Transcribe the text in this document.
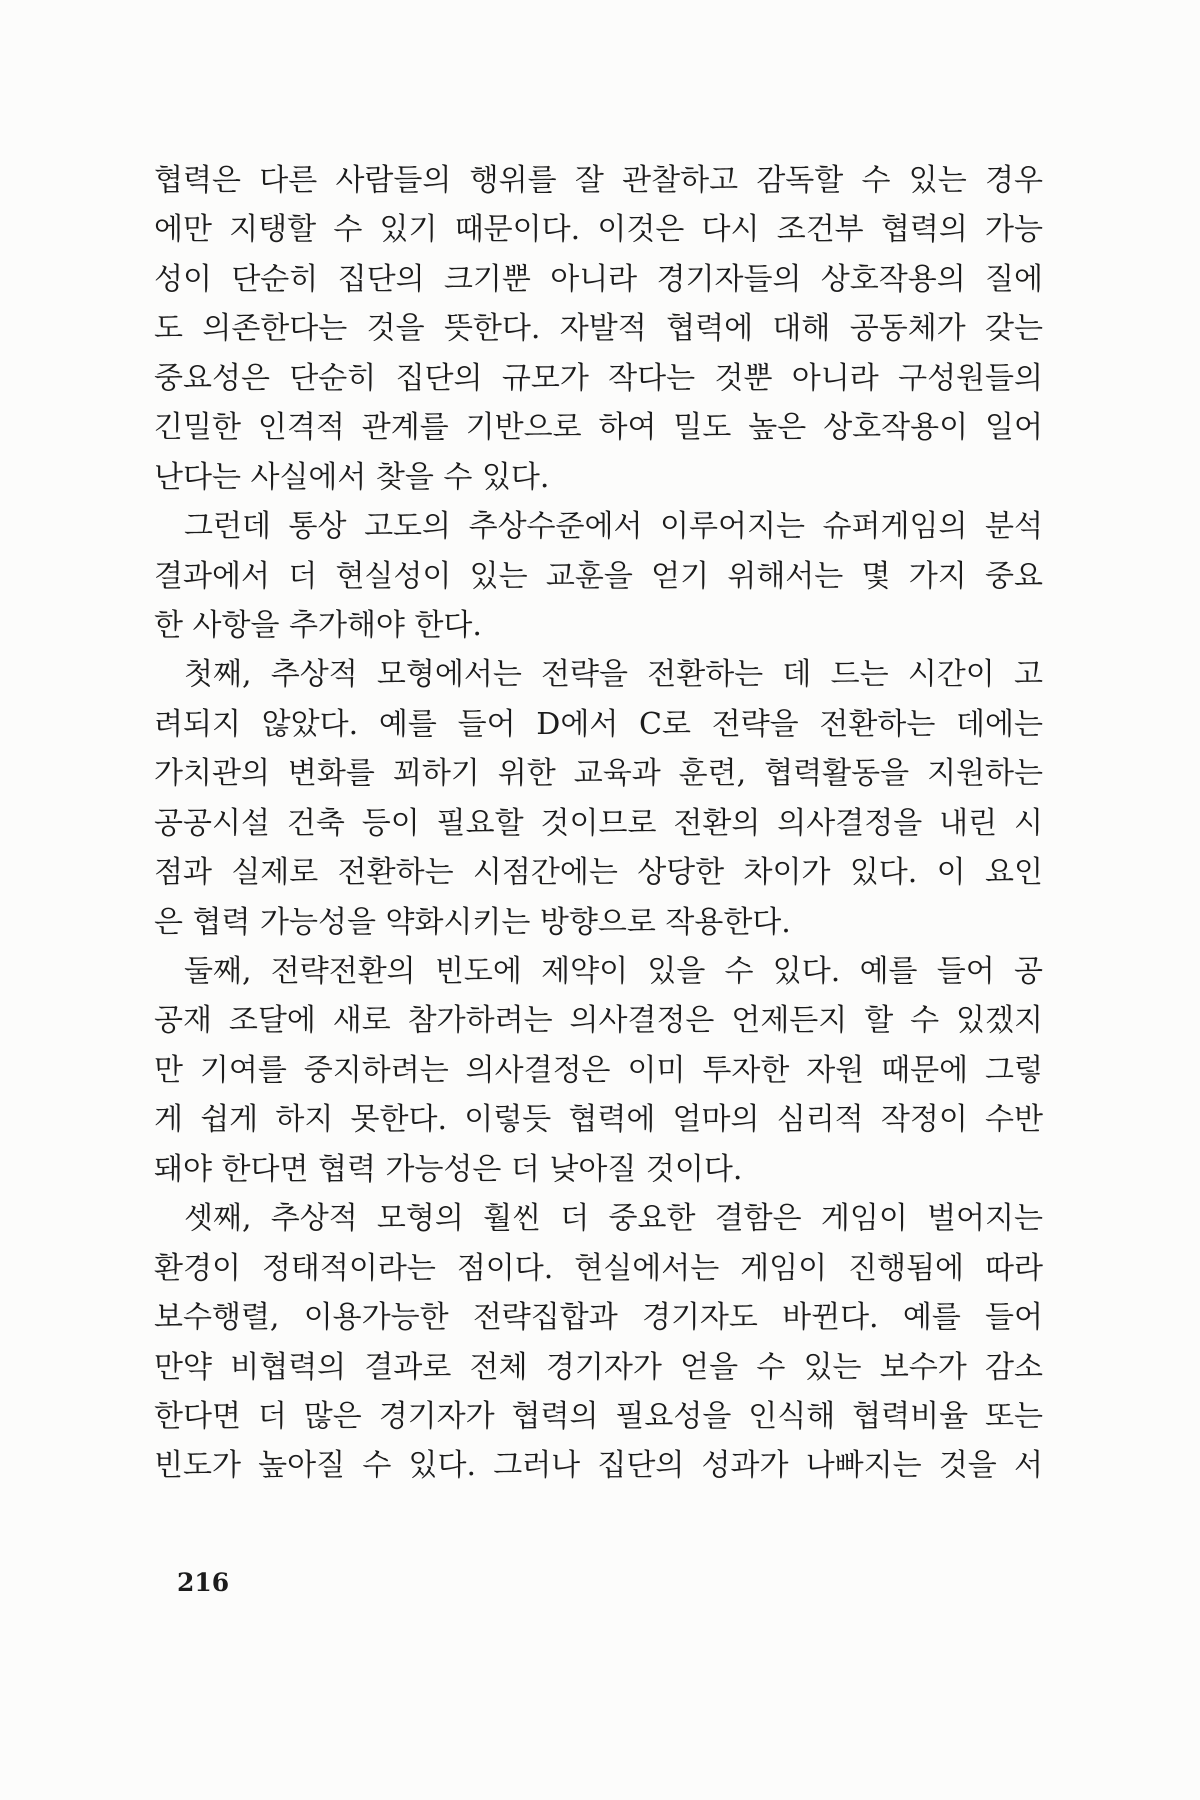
협력은 다른 사람들의 행위를 잘 관찰하고 감독할 수 있는 경우
에만 지탱할 수 있기 때문이다. 이것은 다시 조건부 협력의 가능
성이 단순히 집단의 크기뿐 아니라 경기자들의 상호작용의 질에
도 의존한다는 것을 뜻한다. 자발적 협력에 대해 공동체가 갖는
중요성은 단순히 집단의 규모가 작다는 것뿐 아니라 구성원들의
긴밀한 인격적 관계를 기반으로 하여 밀도 높은 상호작용이 일어
난다는 사실에서 찾을 수 있다.
그런데 통상 고도의 추상수준에서 이루어지는 슈퍼게임의 분석
결과에서 더 현실성이 있는 교훈을 얻기 위해서는 몇 가지 중요
한 사항을 추가해야 한다.
첫째, 추상적 모형에서는 전략을 전환하는 데 드는 시간이 고
려되지 않았다. 예를 들어 D에서 C로 전략을 전환하는 데에는
가치관의 변화를 꾀하기 위한 교육과 훈련, 협력활동을 지원하는
공공시설 건축 등이 필요할 것이므로 전환의 의사결정을 내린 시
점과 실제로 전환하는 시점간에는 상당한 차이가 있다. 이 요인
은 협력 가능성을 약화시키는 방향으로 작용한다.
둘째, 전략전환의 빈도에 제약이 있을 수 있다. 예를 들어 공
공재 조달에 새로 참가하려는 의사결정은 언제든지 할 수 있겠지
만 기여를 중지하려는 의사결정은 이미 투자한 자원 때문에 그렇
게 쉽게 하지 못한다. 이렇듯 협력에 얼마의 심리적 작정이 수반
돼야 한다면 협력 가능성은 더 낮아질 것이다.
셋째, 추상적 모형의 훨씬 더 중요한 결함은 게임이 벌어지는
환경이 정태적이라는 점이다. 현실에서는 게임이 진행됨에 따라
보수행렬, 이용가능한 전략집합과 경기자도 바뀐다. 예를 들어
만약 비협력의 결과로 전체 경기자가 얻을 수 있는 보수가 감소
한다면 더 많은 경기자가 협력의 필요성을 인식해 협력비율 또는
빈도가 높아질 수 있다. 그러나 집단의 성과가 나빠지는 것을 서
216
